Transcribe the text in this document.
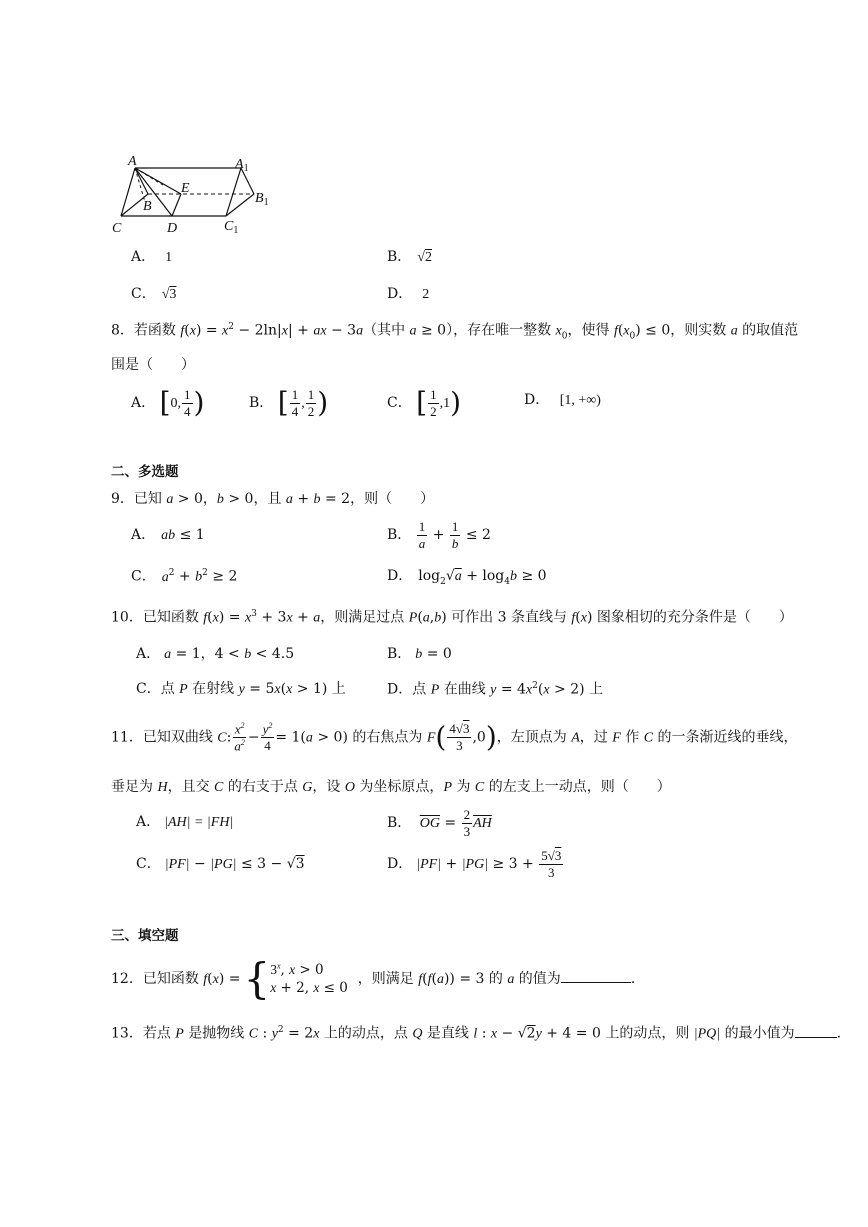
A	$A_1$
E
B
$B_1$
C	D	$C_1$
A． 1	B． √2
C． √3	D． 2
8．若函数 $f(x) = x^2 - 2\ln|x|$ + ax − 3a（其中 a ≥ 0），存在唯一整数 $x_0$，使得 $f(x_0) \le 0$，则实数 a 的取值范
围是（　　）
A． [0, $\frac{1}{4}$ )	B． [ $\frac{1}{4}$ , $\frac{1}{2}$ )	C． [ $\frac{1}{2} ,1$)	D． [1, +∞)
二、多选题
9．已知 a > 0，b > 0，且 a + b = 2，则（　　）
A． ab ≤ 1	B． $\frac{1}{a} + \frac{1}{b} \le 2$
C． $a^2 + b^2 \ge 2$	D． $\log_2√a + \log_4b \ge 0$
10．已知函数 $f(x) = x^3 + 3x + a$，则满足过点 P(a,b) 可作出 3 条直线与 f(x) 图象相切的充分条件是（　　）
A． a = 1，4 < b < 4.5	B． b = 0
C．点 P 在射线 y = 5x(x > 1) 上	D．点 P 在曲线 $y = 4x^2(x > 2)$ 上
11．已知双曲线 C: $\frac{x^2}{a^2} - \frac{y^2}{4} = 1(a > 0)$ 的右焦点为 $F( \frac{4√3}{3} ,0)$，左顶点为 A，过 F 作 C 的一条渐近线的垂线，
垂足为 H，且交 C 的右支于点 G，设 O 为坐标原点，P 为 C 的左支上一动点，则（　　）
A． |AH| = |FH|	B． $\overline{OG} = \frac{2}{3} \overline{AH}$
C． |PF| − |PG| ≤ 3 − √3	D． $|PF| + |PG| \ge 3 + \frac{5√3}{3}$
三、填空题
12．已知函数 f(x) = { 3$^x$, x > 0
x + 2, x ≤ 0
，则满足 f(f(a)) = 3 的 a 的值为	.
13．若点 P 是抛物线 C : $y^2 = 2x$ 上的动点，点 Q 是直线 l : x − √2y + 4 = 0 上的动点，则 |PQ| 的最小值为	.
